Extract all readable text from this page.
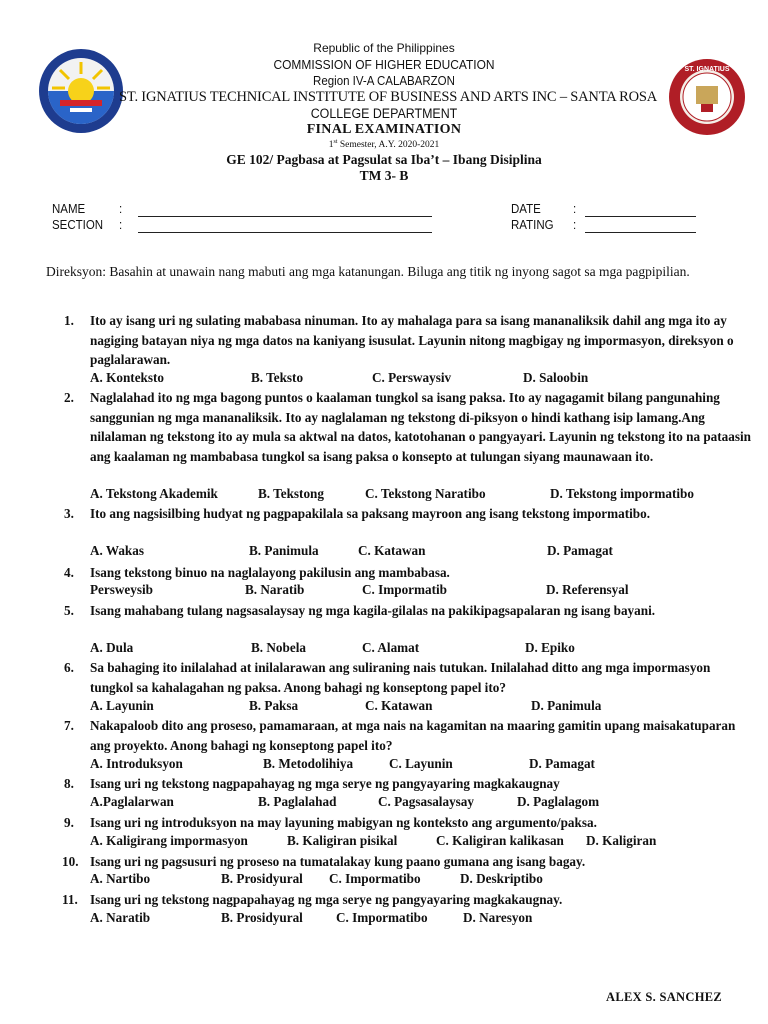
ST. IGNATIUS
Republic of the Philippines
COMMISSION OF HIGHER EDUCATION
Region IV-A CALABARZON
ST. IGNATIUS TECHNICAL INSTITUTE OF BUSINESS AND ARTS INC – SANTA ROSA
COLLEGE DEPARTMENT
FINAL EXAMINATION
1st Semester, A.Y. 2020-2021
GE 102/ Pagbasa at Pagsulat sa Iba’t – Ibang Disiplina
TM 3- B
NAME	:
SECTION :
DATE	:
RATING :
Direksyon: Basahin at unawain nang mabuti ang mga katanungan. Biluga ang titik ng inyong sagot sa mga pagpipilian.
1.	Ito ay isang uri ng sulating mababasa ninuman. Ito ay mahalaga para sa isang mananaliksik dahil ang mga ito ay nagiging batayan niya ng mga datos na kaniyang isusulat. Layunin nitong magbigay ng impormasyon, direksyon o paglalarawan.
A. Konteksto	B. Teksto	C. Perswaysiv	D. Saloobin
2.	Naglalahad ito ng mga bagong puntos o kaalaman tungkol sa isang paksa. Ito ay nagagamit bilang pangunahing sanggunian ng mga mananaliksik. Ito ay naglalaman ng tekstong di-piksyon o hindi kathang isip lamang.Ang nilalaman ng tekstong ito ay mula sa aktwal na datos, katotohanan o pangyayari. Layunin ng tekstong ito na pataasin ang kaalaman ng mambabasa tungkol sa isang paksa o konsepto at tulungan siyang maunawaan ito.
A. Tekstong Akademik	B. Tekstong	C. Tekstong Naratibo	D. Tekstong impormatibo
3.	Ito ang nagsisilbing hudyat ng pagpapakilala sa paksang mayroon ang isang tekstong impormatibo.
A. Wakas	B. Panimula	C. Katawan	D. Pamagat
4.	Isang tekstong binuo na naglalayong pakilusin ang mambabasa.
Persweysib	B. Naratib	C. Impormatib	D. Referensyal
5.	Isang mahabang tulang nagsasalaysay ng mga kagila-gilalas na pakikipagsapalaran ng isang bayani.
A. Dula	B. Nobela	C. Alamat	D. Epiko
6.	Sa bahaging ito inilalahad at inilalarawan ang suliraning nais tutukan. Inilalahad ditto ang mga impormasyon tungkol sa kahalagahan ng paksa. Anong bahagi ng konseptong papel ito?
A. Layunin	B. Paksa	C. Katawan	D. Panimula
7.	Nakapaloob dito ang proseso, pamamaraan, at mga nais na kagamitan na maaring gamitin upang maisakatuparan ang proyekto. Anong bahagi ng konseptong papel ito?
A. Introduksyon	B. Metodolihiya	C. Layunin	D. Pamagat
8.	Isang uri ng tekstong nagpapahayag ng mga serye ng pangyayaring magkakaugnay
A.Paglalarwan	B. Paglalahad	C. Pagsasalaysay	D. Paglalagom
9.	Isang uri ng introduksyon na may layuning mabigyan ng konteksto ang argumento/paksa.
A. Kaligirang impormasyon	B. Kaligiran pisikal	C. Kaligiran kalikasan D. Kaligiran
10. Isang uri ng pagsusuri ng proseso na tumatalakay kung paano gumana ang isang bagay.
A. Nartibo	B. Prosidyural C. Impormatibo	D. Deskriptibo
11. Isang uri ng tekstong nagpapahayag ng mga serye ng pangyayaring magkakaugnay.
A. Naratib	B. Prosidyural	C. Impormatibo	D. Naresyon
ALEX S. SANCHEZ
